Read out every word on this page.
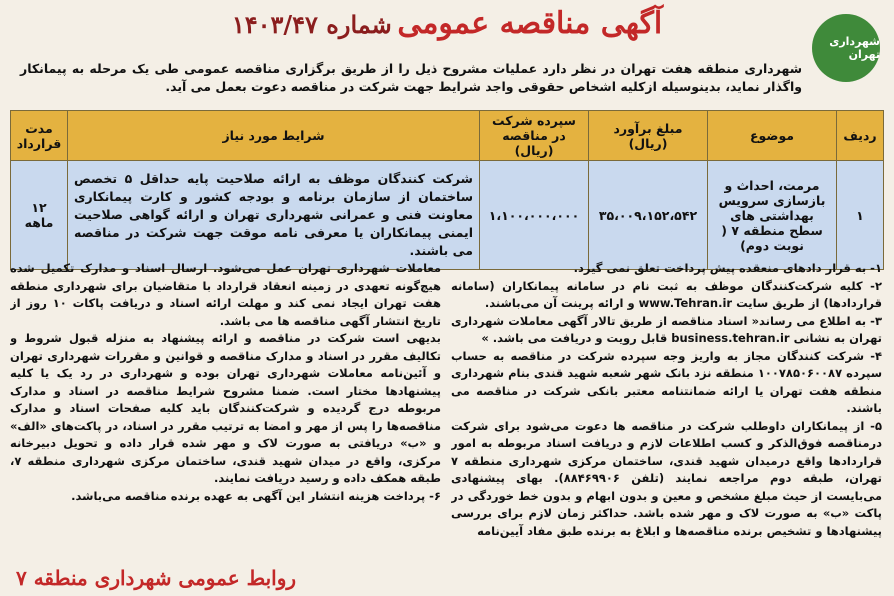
شهرداری تهران
آگهی مناقصه عمومی شماره ۱۴۰۳/۴۷
شهرداری منطقه هفت تهران در نظر دارد عملیات مشروح ذیل را از طریق برگزاری مناقصه عمومی طی یک مرحله به پیمانکار واگذار نماید، بدینوسیله ازکلیه اشخاص حقوقی واجد شرایط جهت شرکت در مناقصه دعوت بعمل می آید.
ردیف	موضوع	مبلغ برآورد (ریال)	سپرده شرکت در مناقصه (ریال)	شرایط مورد نیاز	مدت قرارداد
۱	مرمت، احداث و بازسازی سرویس بهداشتی های سطح منطقه ۷ ( نوبت دوم)	۳۵،۰۰۹،۱۵۲،۵۴۲	۱،۱۰۰،۰۰۰،۰۰۰	شرکت کنندگان موظف به ارائه صلاحیت پایه حداقل ۵ تخصص ساختمان از سازمان برنامه و بودجه کشور و کارت پیمانکاری معاونت فنی و عمرانی شهرداری تهران و ارائه گواهی صلاحیت ایمنی پیمانکاران یا معرفی نامه موقت جهت شرکت در مناقصه می باشند.	۱۲ ماهه
۱- به قرار دادهای منعقده پیش پرداخت تعلق نمی گیرد.
۲- کلیه شرکت‌کنندگان موظف به ثبت نام در سامانه پیمانکاران (سامانه قراردادها) از طریق سایت www.Tehran.ir و ارائه پرینت آن می‌باشند.
۳- به اطلاع می رساند« اسناد مناقصه از طریق تالار آگهی معاملات شهرداری تهران به نشانی business.tehran.ir قابل رویت و دریافت می باشد. »
۴- شرکت کنندگان مجاز به واریز وجه سپرده شرکت در مناقصه به حساب سپرده ۱۰۰۷۸۵۰۶۰۰۸۷ منطقه نزد بانک شهر شعبه شهید قندی بنام شهرداری منطقه هفت تهران یا ارائه ضمانتنامه معتبر بانکی شرکت در مناقصه می باشند.
۵- از پیمانکاران داوطلب شرکت در مناقصه ها دعوت می‌شود برای شرکت درمناقصه فوق‌الذکر و کسب اطلاعات لازم و دریافت اسناد مربوطه به امور قراردادها واقع درمیدان شهید قندی، ساختمان مرکزی شهرداری منطقه ۷ تهران، طبقه دوم مراجعه نمایند (تلفن ۸۸۴۶۹۹۰۶). بهای پیشنهادی می‌بایست از حیث مبلغ مشخص و معین و بدون ابهام و بدون خط خوردگی در پاکت «ب» به صورت لاک و مهر شده باشد. حداکثر زمان لازم برای بررسی پیشنهادها و تشخیص برنده مناقصه‌ها و ابلاغ به برنده طبق مفاد آیین‌نامه
معاملات شهرداری تهران عمل می‌شود. ارسال اسناد و مدارک تکمیل شده هیچ‌گونه تعهدی در زمینه انعقاد قرارداد با متقاضیان برای شهرداری منطقه هفت تهران ایجاد نمی کند و مهلت ارائه اسناد و دریافت پاکات ۱۰ روز از تاریخ انتشار آگهی مناقصه ها می باشد.
بدیهی است شرکت در مناقصه و ارائه پیشنهاد به منزله قبول شروط و تکالیف مقرر در اسناد و مدارک مناقصه و قوانین و مقررات شهرداری تهران و آئین‌نامه معاملات شهرداری تهران بوده و شهرداری در رد یک یا کلیه پیشنهادها مختار است. ضمنا مشروح شرایط مناقصه در اسناد و مدارک مربوطه درج گردیده و شرکت‌کنندگان باید کلیه صفحات اسناد و مدارک مناقصه‌ها را پس از مهر و امضا به ترتیب مقرر در اسناد، در پاکت‌های «الف» و «ب» دریافتی به صورت لاک و مهر شده قرار داده و تحویل دبیرخانه مرکزی، واقع در میدان شهید قندی، ساختمان مرکزی شهرداری منطقه ۷، طبقه همکف داده و رسید دریافت نمایند.
۶- پرداخت هزینه انتشار این آگهی به عهده برنده مناقصه می‌باشد.
روابط عمومی شهرداری منطقه ۷
